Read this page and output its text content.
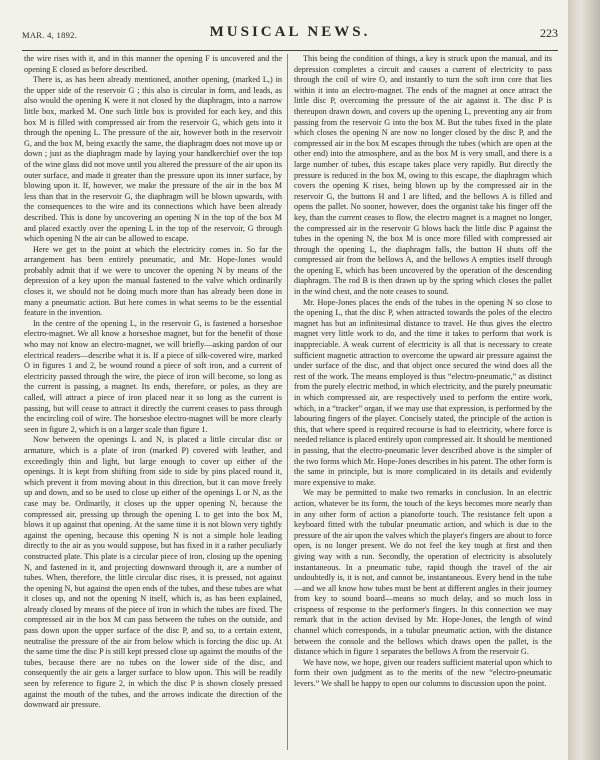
MAR. 4, 1892.	MUSICAL NEWS.	223

the wire rises with it, and in this manner the opening F is uncovered and the opening E closed as before described.

There is, as has been already mentioned, another opening, (marked L,) in the upper side of the reservoir G ; this also is circular in form, and leads, as also would the opening K were it not closed by the diaphragm, into a narrow little box, marked M. One such little box is provided for each key, and this box M is filled with compressed air from the reservoir G, which gets into it through the opening L. The pressure of the air, however both in the reservoir G, and the box M, being exactly the same, the diaphragm does not move up or down ; just as the diaphragm made by laying your handkerchief over the top of the wine glass did not move until you altered the pressure of the air upon its outer surface, and made it greater than the pressure upon its inner surface, by blowing upon it. If, however, we make the pressure of the air in the box M less than that in the reservoir G, the diaphragm will be blown upwards, with the consequences to the wire and its connections which have been already described. This is done by uncovering an opening N in the top of the box M and placed exactly over the opening L in the top of the reservoir, G through which opening N the air can be allowed to escape.

Here we get to the point at which the electricity comes in. So far the arrangement has been entirely pneumatic, and Mr. Hope-Jones would probably admit that if we were to uncover the opening N by means of the depression of a key upon the manual fastened to the valve which ordinarily closes it, we should not be doing much more than has already been done in many a pneumatic action. But here comes in what seems to be the essential feature in the invention.

In the centre of the opening L, in the reservoir G, is fastened a horseshoe electro-magnet. We all know a horseshoe magnet, but for the benefit of those who may not know an electro-magnet, we will briefly—asking pardon of our electrical readers—describe what it is. If a piece of silk-covered wire, marked O in figures 1 and 2, be wound round a piece of soft iron, and a current of electricity passed through the wire, the piece of iron will become, so long as the current is passing, a magnet. Its ends, therefore, or poles, as they are called, will attract a piece of iron placed near it so long as the current is passing, but will cease to attract it directly the current ceases to pass through the encircling coil of wire. The horseshoe electro-magnet will be more clearly seen in figure 2, which is on a larger scale than figure 1.

Now between the openings L and N, is placed a little circular disc or armature, which is a plate of iron (marked P) covered with leather, and exceedingly thin and light, but large enough to cover up either of the openings. It is kept from shifting from side to side by pins placed round it, which prevent it from moving about in this direction, but it can move freely up and down, and so be used to close up either of the openings L or N, as the case may be. Ordinarily, it closes up the upper opening N, because the compressed air, pressing up through the opening L to get into the box M, blows it up against that opening. At the same time it is not blown very tightly against the opening, because this opening N is not a simple hole leading directly to the air as you would suppose, but has fixed in it a rather peculiarly constructed plate. This plate is a circular piece of iron, closing up the opening N, and fastened in it, and projecting downward through it, are a number of tubes. When, therefore, the little circular disc rises, it is pressed, not against the opening N, but against the open ends of the tubes, and these tubes are what it closes up, and not the opening N itself, which is, as has been explained, already closed by means of the piece of iron in which the tubes are fixed. The compressed air in the box M can pass between the tubes on the outside, and pass down upon the upper surface of the disc P, and so, to a certain extent, neutralise the pressure of the air from below which is forcing the disc up. At the same time the disc P is still kept pressed close up against the mouths of the tubes, because there are no tubes on the lower side of the disc, and consequently the air gets a larger surface to blow upon. This will be readily seen by reference to figure 2, in which the disc P is shown closely pressed against the mouth of the tubes, and the arrows indicate the direction of the downward air pressure.

This being the condition of things, a key is struck upon the manual, and its depression completes a circuit and causes a current of electricity to pass through the coil of wire O, and instantly to turn the soft iron core that lies within it into an electro-magnet. The ends of the magnet at once attract the little disc P, overcoming the pressure of the air against it. The disc P is thereupon drawn down, and covers up the opening L, preventing any air from passing from the reservoir G into the box M. But the tubes fixed in the plate which closes the opening N are now no longer closed by the disc P, and the compressed air in the box M escapes through the tubes (which are open at the other end) into the atmosphere, and as the box M is very small, and there is a large number of tubes, this escape takes place very rapidly. But directly the pressure is reduced in the box M, owing to this escape, the diaphragm which covers the opening K rises, being blown up by the compressed air in the reservoir G, the buttons H and I are lifted, and the bellows A is filled and opens the pallet. No sooner, however, does the organist take his finger off the key, than the current ceases to flow, the electro magnet is a magnet no longer, the compressed air in the reservoir G blows back the little disc P against the tubes in the opening N, the box M is once more filled with compressed air through the opening L, the diaphragm falls, the button H shuts off the compressed air from the bellows A, and the bellows A empties itself through the opening E, which has been uncovered by the operation of the descending diaphragm. The rod B is then drawn up by the spring which closes the pallet in the wind chest, and the note ceases to sound.

Mr. Hope-Jones places the ends of the tubes in the opening N so close to the opening L, that the disc P, when attracted towards the poles of the electro magnet has but an infinitesimal distance to travel. He thus gives the electro magnet very little work to do, and the time it takes to perform that work is inappreciable. A weak current of electricity is all that is necessary to create sufficient magnetic attraction to overcome the upward air pressure against the under surface of the disc, and that object once secured the wind does all the rest of the work. The means employed is thus “electro-pneumatic,” as distinct from the purely electric method, in which electricity, and the purely pneumatic in which compressed air, are respectively used to perform the entire work, which, in a “tracker” organ, if we may use that expression, is performed by the labouring fingers of the player. Concisely stated, the principle of the action is this, that where speed is required recourse is had to electricity, where force is needed reliance is placed entirely upon compressed air. It should be mentioned in passing, that the electro-pneumatic lever described above is the simpler of the two forms which Mr. Hope-Jones describes in his patent. The other form is the same in principle, but is more complicated in its details and evidently more expensive to make.

We may be permitted to make two remarks in conclusion. In an electric action, whatever be its form, the touch of the keys becomes more nearly than in any other form of action a pianoforte touch. The resistance felt upon a keyboard fitted with the tubular pneumatic action, and which is due to the pressure of the air upon the valves which the player's fingers are about to force open, is no longer present. We do not feel the key tough at first and then giving way with a run. Secondly, the operation of electricity is absolutely instantaneous. In a pneumatic tube, rapid though the travel of the air undoubtedly is, it is not, and cannot be, instantaneous. Every bend in the tube—and we all know how tubes must be bent at different angles in their journey from key to sound board—means so much delay, and so much loss in crispness of response to the performer's fingers. In this connection we may remark that in the action devised by Mr. Hope-Jones, the length of wind channel which corresponds, in a tubular pneumatic action, with the distance between the console and the bellows which draws open the pallet, is the distance which in figure 1 separates the bellows A from the reservoir G.

We have now, we hope, given our readers sufficient material upon which to form their own judgment as to the merits of the new “electro-pneumatic levers.” We shall be happy to open our columns to discussion upon the point.
